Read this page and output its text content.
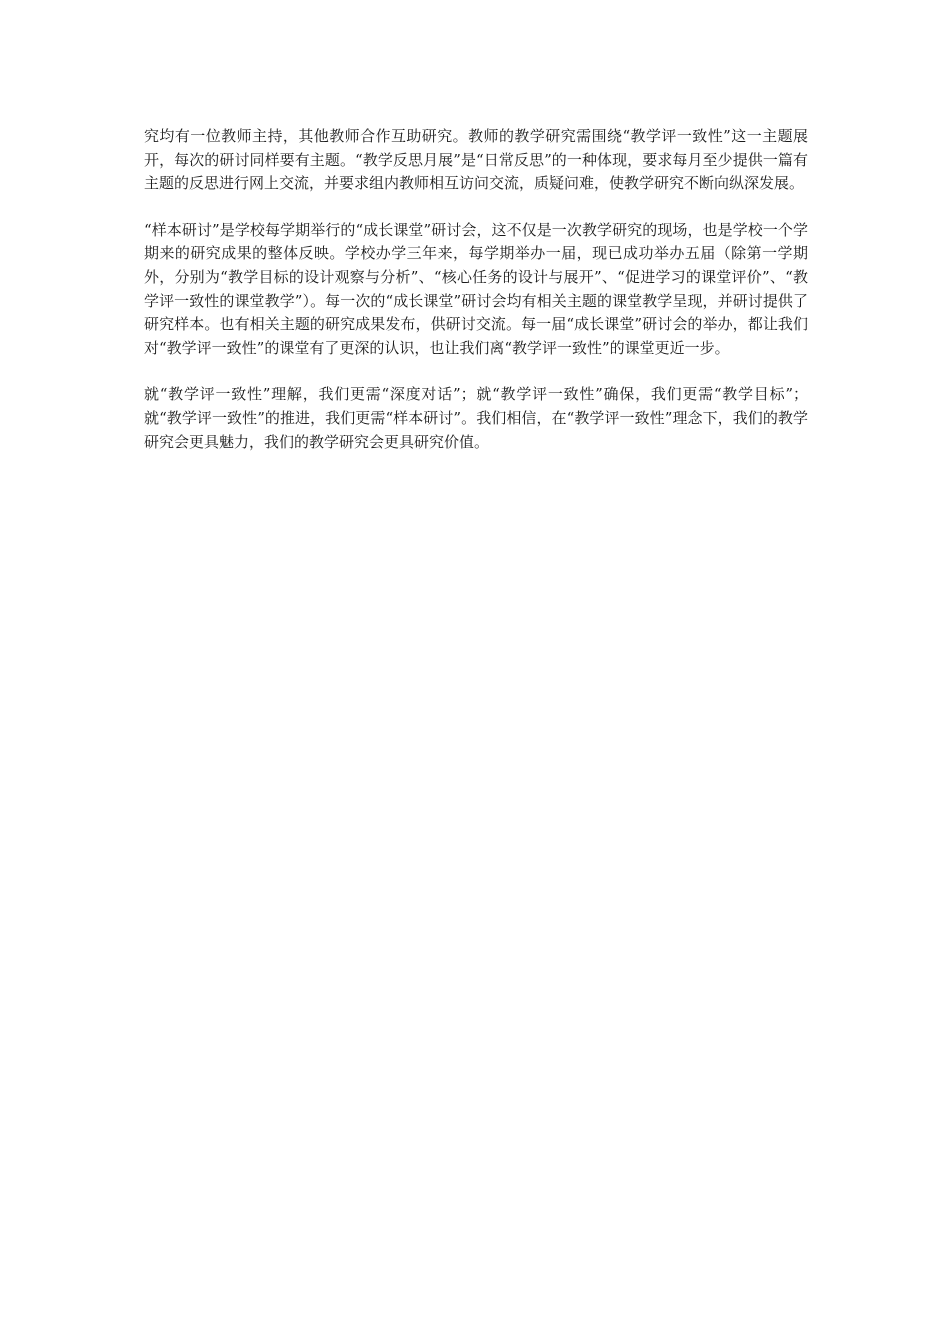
究均有一位教师主持，其他教师合作互助研究。教师的教学研究需围绕“教学评一致性”这一主题展开，每次的研讨同样要有主题。“教学反思月展”是“日常反思”的一种体现，要求每月至少提供一篇有主题的反思进行网上交流，并要求组内教师相互访问交流，质疑问难，使教学研究不断向纵深发展。

“样本研讨”是学校每学期举行的“成长课堂”研讨会，这不仅是一次教学研究的现场，也是学校一个学期来的研究成果的整体反映。学校办学三年来，每学期举办一届，现已成功举办五届（除第一学期外，分别为“教学目标的设计观察与分析”、“核心任务的设计与展开”、“促进学习的课堂评价”、“教学评一致性的课堂教学”）。每一次的“成长课堂”研讨会均有相关主题的课堂教学呈现，并研讨提供了研究样本。也有相关主题的研究成果发布，供研讨交流。每一届“成长课堂”研讨会的举办，都让我们对“教学评一致性”的课堂有了更深的认识，也让我们离“教学评一致性”的课堂更近一步。

就“教学评一致性”理解，我们更需“深度对话”；就“教学评一致性”确保，我们更需“教学目标”；就“教学评一致性”的推进，我们更需“样本研讨”。我们相信，在“教学评一致性”理念下，我们的教学研究会更具魅力，我们的教学研究会更具研究价值。
